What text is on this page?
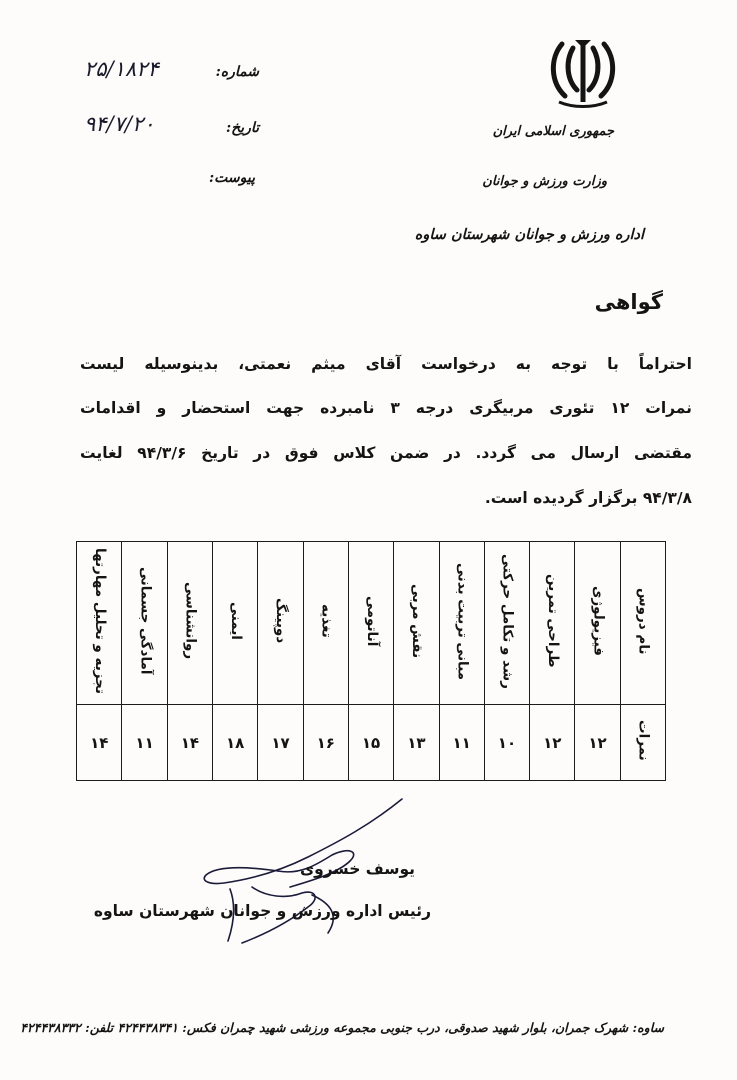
جمهوری اسلامی ایران
وزارت ورزش و جوانان
اداره ورزش و جوانان شهرستان ساوه
شماره:
۲۵/۱۸۲۴
تاریخ:
۹۴/۷/۲۰
پیوست:
گواهی
احتراماً با توجه به درخواست آقای میثم نعمتی، بدینوسیله لیست
نمرات ۱۲ تئوری مربیگری درجه ۳ نامبرده جهت استحضار و اقدامات
مقتضی ارسال می گردد. در ضمن کلاس فوق در تاریخ ۹۴/۳/۶ لغایت
۹۴/۳/۸ برگزار گردیده است.
نام دروس	فیزیولوژی	طراحی تمرین	رشد و تکامل حرکتی	مبانی تربیت بدنی	نقش مربی	آناتومی	تغذیه	دوپینگ	ایمنی	روانشناسی	آمادگی جسمانی	تجزیه و تحلیل مهارتها
نمرات	۱۲	۱۲	۱۰	۱۱	۱۳	۱۵	۱۶	۱۷	۱۸	۱۴	۱۱	۱۴
یوسف خسروی
رئیس اداره ورزش و جوانان شهرستان ساوه
ساوه: شهرک جمران، بلوار شهید صدوقی، درب جنوبی مجموعه ورزشی شهید چمران فکس: ۴۲۴۴۳۸۳۴۱ تلفن: ۴۲۴۴۳۸۳۳۲
